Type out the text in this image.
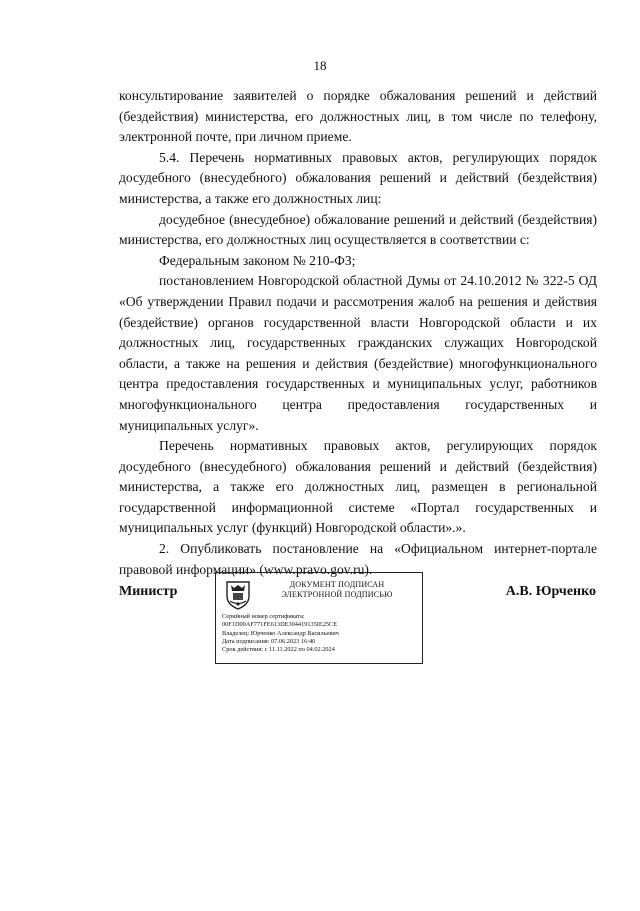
18

консультирование заявителей о порядке обжалования решений и действий (бездействия) министерства, его должностных лиц, в том числе по телефону, электронной почте, при личном приеме.

5.4. Перечень нормативных правовых актов, регулирующих порядок досудебного (внесудебного) обжалования решений и действий (бездействия) министерства, а также его должностных лиц:

досудебное (внесудебное) обжалование решений и действий (бездействия) министерства, его должностных лиц осуществляется в соответствии с:

Федеральным законом № 210-ФЗ;

постановлением Новгородской областной Думы от 24.10.2012 № 322-5 ОД «Об утверждении Правил подачи и рассмотрения жалоб на решения и действия (бездействие) органов государственной власти Новгородской области и их должностных лиц, государственных гражданских служащих Новгородской области, а также на решения и действия (бездействие) многофункционального центра предоставления государственных и муниципальных услуг, работников многофункционального центра предоставления государственных и муниципальных услуг».

Перечень нормативных правовых актов, регулирующих порядок досудебного (внесудебного) обжалования решений и действий (бездействия) министерства, а также его должностных лиц, размещен в региональной государственной информационной системе «Портал государственных и муниципальных услуг (функций) Новгородской области».».

2. Опубликовать постановление на «Официальном интернет-портале правовой информации» (www.pravo.gov.ru).

Министр	ДОКУМЕНТ ПОДПИСАН
ЭЛЕКТРОННОЙ ПОДПИСЬЮ
Серийный номер сертификата:
00F1D00AF771FE613DE304419135IE25CE
Владелец: Юрченко Александр Васильевич
Дата подписания: 07.06.2023 16:40
Срок действия: с 11.11.2022 по 04.02.2024
А.В. Юрченко
